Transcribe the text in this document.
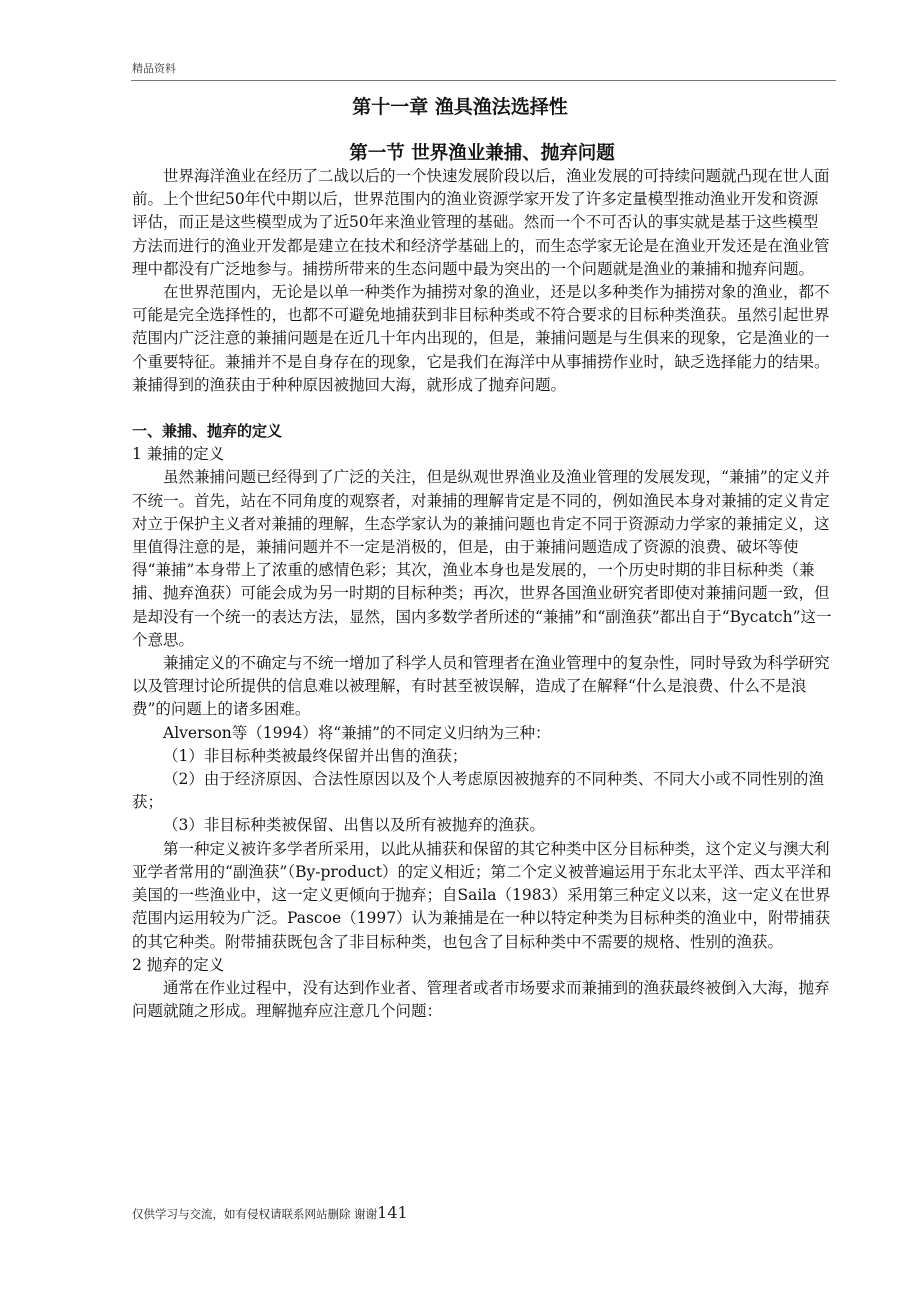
精品资料
第十一章 渔具渔法选择性
第一节 世界渔业兼捕、抛弃问题

世界海洋渔业在经历了二战以后的一个快速发展阶段以后，渔业发展的可持续问题就凸现在世人面前。上个世纪50年代中期以后，世界范围内的渔业资源学家开发了许多定量模型推动渔业开发和资源评估，而正是这些模型成为了近50年来渔业管理的基础。然而一个不可否认的事实就是基于这些模型方法而进行的渔业开发都是建立在技术和经济学基础上的，而生态学家无论是在渔业开发还是在渔业管理中都没有广泛地参与。捕捞所带来的生态问题中最为突出的一个问题就是渔业的兼捕和抛弃问题。

在世界范围内，无论是以单一种类作为捕捞对象的渔业，还是以多种类作为捕捞对象的渔业，都不可能是完全选择性的，也都不可避免地捕获到非目标种类或不符合要求的目标种类渔获。虽然引起世界范围内广泛注意的兼捕问题是在近几十年内出现的，但是，兼捕问题是与生俱来的现象，它是渔业的一个重要特征。兼捕并不是自身存在的现象，它是我们在海洋中从事捕捞作业时，缺乏选择能力的结果。兼捕得到的渔获由于种种原因被抛回大海，就形成了抛弃问题。

一、兼捕、抛弃的定义

1 兼捕的定义

虽然兼捕问题已经得到了广泛的关注，但是纵观世界渔业及渔业管理的发展发现，“兼捕”的定义并不统一。首先，站在不同角度的观察者，对兼捕的理解肯定是不同的，例如渔民本身对兼捕的定义肯定对立于保护主义者对兼捕的理解，生态学家认为的兼捕问题也肯定不同于资源动力学家的兼捕定义，这里值得注意的是，兼捕问题并不一定是消极的，但是，由于兼捕问题造成了资源的浪费、破坏等使得“兼捕”本身带上了浓重的感情色彩；其次，渔业本身也是发展的，一个历史时期的非目标种类（兼捕、抛弃渔获）可能会成为另一时期的目标种类；再次，世界各国渔业研究者即使对兼捕问题一致，但是却没有一个统一的表达方法，显然，国内多数学者所述的“兼捕”和“副渔获”都出自于“Bycatch”这一个意思。

兼捕定义的不确定与不统一增加了科学人员和管理者在渔业管理中的复杂性，同时导致为科学研究以及管理讨论所提供的信息难以被理解，有时甚至被误解，造成了在解释“什么是浪费、什么不是浪费”的问题上的诸多困难。

Alverson等（1994）将“兼捕”的不同定义归纳为三种：

（1）非目标种类被最终保留并出售的渔获；

（2）由于经济原因、合法性原因以及个人考虑原因被抛弃的不同种类、不同大小或不同性别的渔获；

（3）非目标种类被保留、出售以及所有被抛弃的渔获。

第一种定义被许多学者所采用，以此从捕获和保留的其它种类中区分目标种类，这个定义与澳大利亚学者常用的“副渔获”（By-product）的定义相近；第二个定义被普遍运用于东北太平洋、西太平洋和美国的一些渔业中，这一定义更倾向于抛弃；自Saila（1983）采用第三种定义以来，这一定义在世界范围内运用较为广泛。Pascoe（1997）认为兼捕是在一种以特定种类为目标种类的渔业中，附带捕获的其它种类。附带捕获既包含了非目标种类，也包含了目标种类中不需要的规格、性别的渔获。

2 抛弃的定义

通常在作业过程中，没有达到作业者、管理者或者市场要求而兼捕到的渔获最终被倒入大海，抛弃问题就随之形成。理解抛弃应注意几个问题：

仅供学习与交流，如有侵权请联系网站删除 谢谢141
